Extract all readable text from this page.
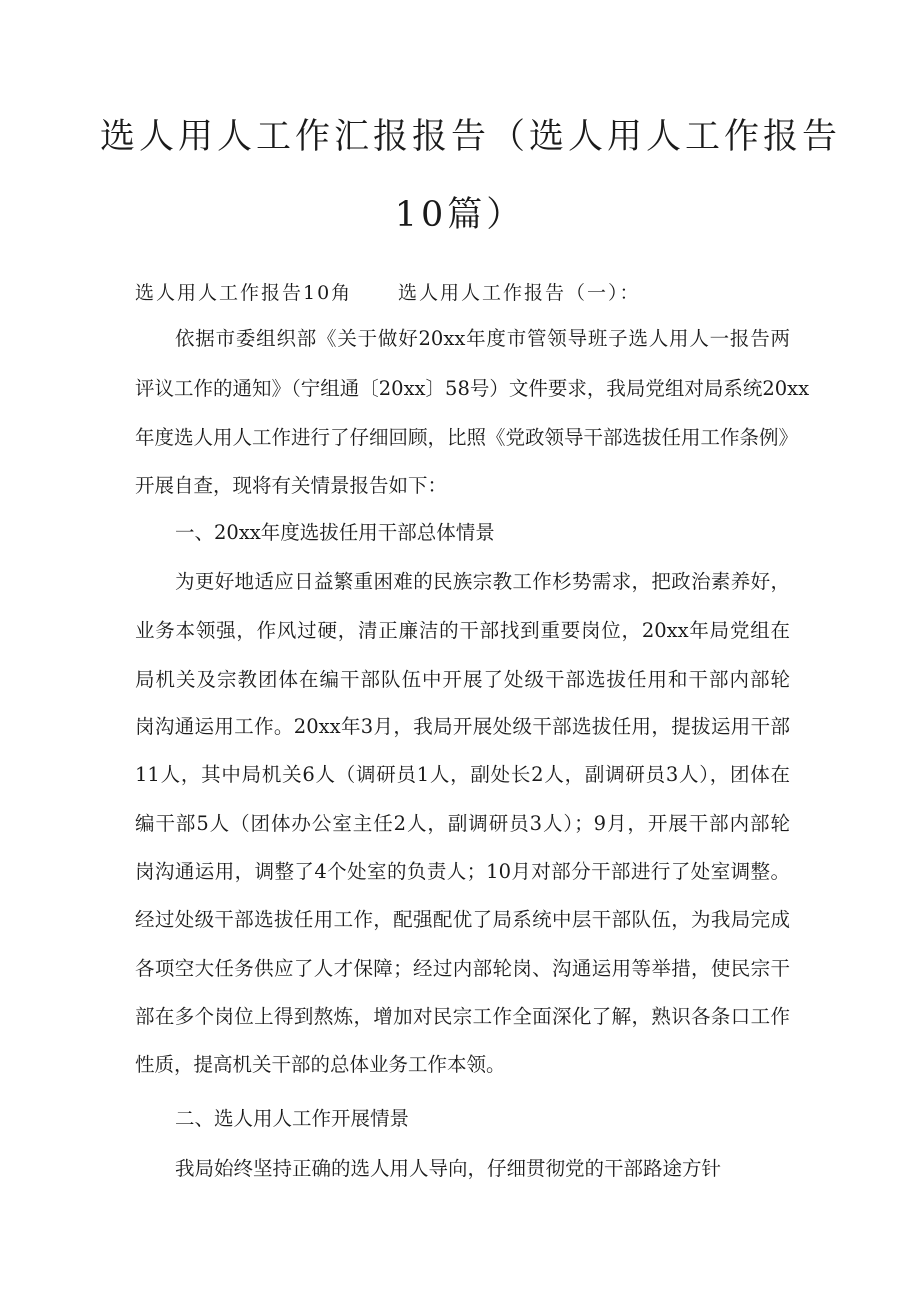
选人用人工作汇报报告（选人用人工作报告
10篇）
选人用人工作报告10角 选人用人工作报告（一）：
依据市委组织部《关于做好20xx年度市管领导班子选人用人一报告两
评议工作的通知》（宁组通〔20xx〕58号）文件要求，我局党组对局系统20xx
年度选人用人工作进行了仔细回顾，比照《党政领导干部选拔任用工作条例》
开展自查，现将有关情景报告如下：
一、20xx年度选拔任用干部总体情景
为更好地适应日益繁重困难的民族宗教工作杉势需求，把政治素养好，
业务本领强，作风过硬，清正廉洁的干部找到重要岗位，20xx年局党组在
局机关及宗教团体在编干部队伍中开展了处级干部选拔任用和干部内部轮
岗沟通运用工作。20xx年3月，我局开展处级干部选拔任用，提拔运用干部
11人，其中局机关6人（调研员1人，副处长2人，副调研员3人），团体在
编干部5人（团体办公室主任2人，副调研员3人）；9月，开展干部内部轮
岗沟通运用，调整了4个处室的负责人；10月对部分干部进行了处室调整。
经过处级干部选拔任用工作，配强配优了局系统中层干部队伍，为我局完成
各项空大任务供应了人才保障；经过内部轮岗、沟通运用等举措，使民宗干
部在多个岗位上得到熬炼，增加对民宗工作全面深化了解，熟识各条口工作
性质，提高机关干部的总体业务工作本领。
二、选人用人工作开展情景
我局始终坚持正确的选人用人导向，仔细贯彻党的干部路途方针
